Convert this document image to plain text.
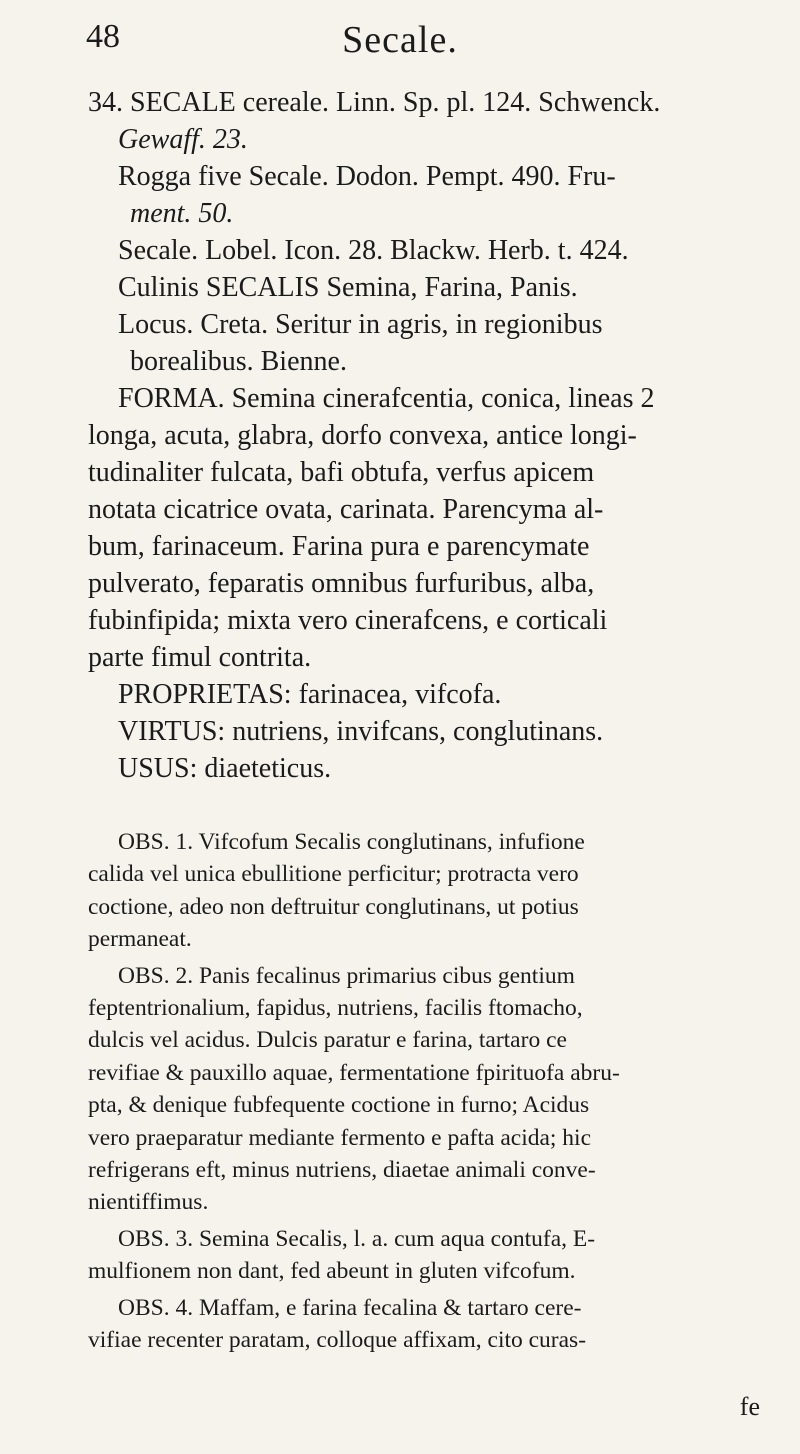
48	Secale.
34. SECALE cereale. Linn. Sp. pl. 124. Schwenck.
Gewaff. 23.
Rogga five Secale. Dodon. Pempt. 490. Fru-
ment. 50.
Secale. Lobel. Icon. 28. Blackw. Herb. t. 424.
Culinis SECALIS Semina, Farina, Panis.
Locus. Creta. Seritur in agris, in regionibus
borealibus. Bienne.
FORMA. Semina cinerafcentia, conica, lineas 2
longa, acuta, glabra, dorfo convexa, antice longi-
tudinaliter fulcata, bafi obtufa, verfus apicem
notata cicatrice ovata, carinata. Parencyma al-
bum, farinaceum. Farina pura e parencymate
pulverato, feparatis omnibus furfuribus, alba,
fubinfipida; mixta vero cinerafcens, e corticali
parte fimul contrita.
PROPRIETAS: farinacea, vifcofa.
VIRTUS: nutriens, invifcans, conglutinans.
USUS: diaeteticus.
OBS. 1. Vifcofum Secalis conglutinans, infufione
calida vel unica ebullitione perficitur; protracta vero
coctione, adeo non deftruitur conglutinans, ut potius
permaneat.
OBS. 2. Panis fecalinus primarius cibus gentium
feptentrionalium, fapidus, nutriens, facilis ftomacho,
dulcis vel acidus. Dulcis paratur e farina, tartaro ce
revifiae & pauxillo aquae, fermentatione fpirituofa abru-
pta, & denique fubfequente coctione in furno; Acidus
vero praeparatur mediante fermento e pafta acida; hic
refrigerans eft, minus nutriens, diaetae animali conve-
nientiffimus.
OBS. 3. Semina Secalis, l. a. cum aqua contufa, E-
mulfionem non dant, fed abeunt in gluten vifcofum.
OBS. 4. Maffam, e farina fecalina & tartaro cere-
vifiae recenter paratam, colloque affixam, cito curas-
fe
